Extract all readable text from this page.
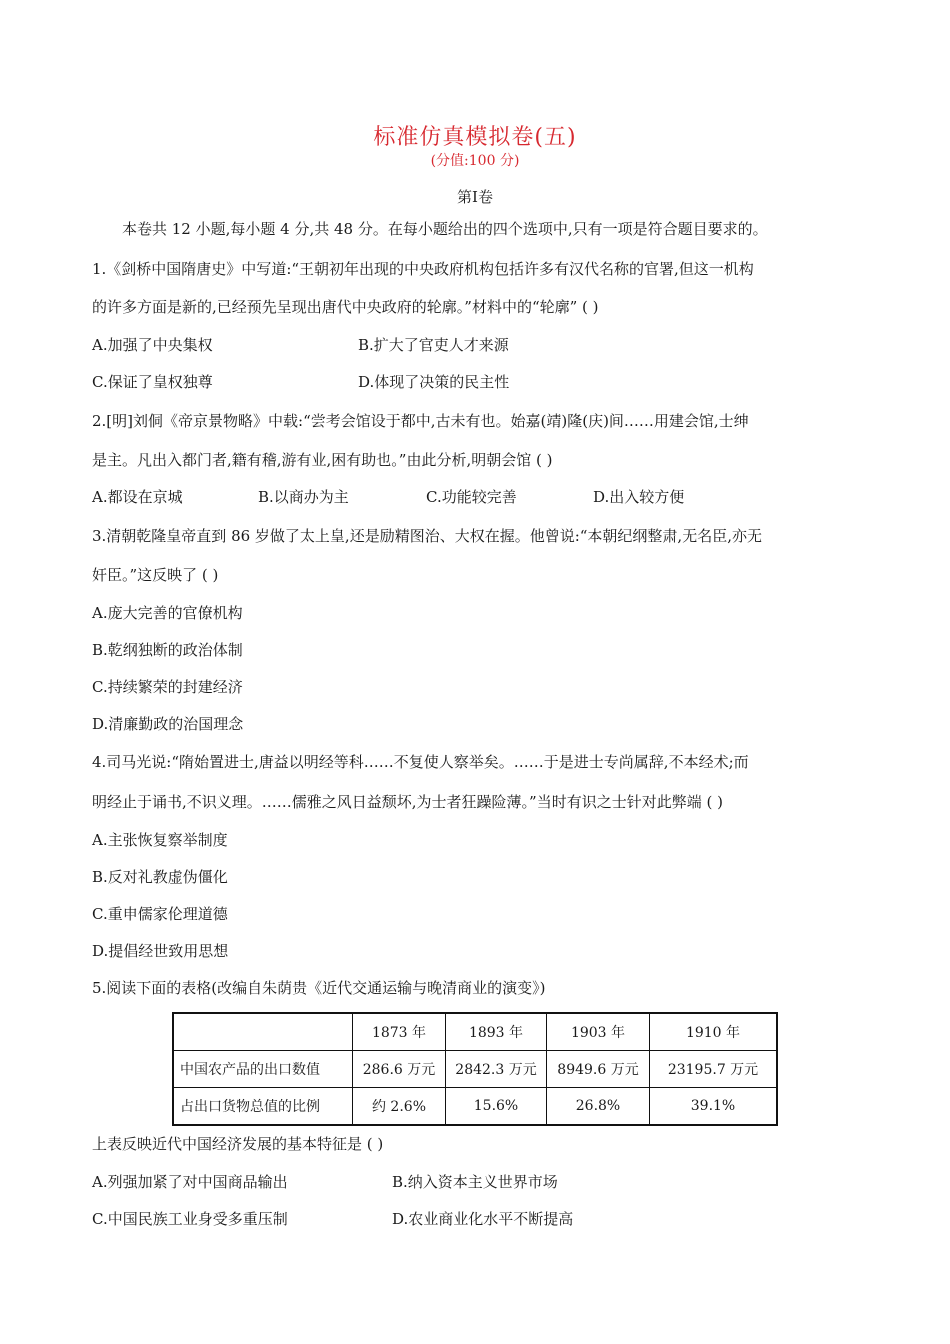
标准仿真模拟卷(五)
(分值:100 分)
第Ⅰ卷
本卷共 12 小题,每小题 4 分,共 48 分。在每小题给出的四个选项中,只有一项是符合题目要求的。
1.《剑桥中国隋唐史》中写道:“王朝初年出现的中央政府机构包括许多有汉代名称的官署,但这一机构
的许多方面是新的,已经预先呈现出唐代中央政府的轮廓。”材料中的“轮廓” ( )
A.加强了中央集权	B.扩大了官吏人才来源
C.保证了皇权独尊	D.体现了决策的民主性
2.[明]刘侗《帝京景物略》中载:“尝考会馆设于都中,古未有也。始嘉(靖)隆(庆)间……用建会馆,士绅
是主。凡出入都门者,籍有稽,游有业,困有助也。”由此分析,明朝会馆 ( )
A.都设在京城	B.以商办为主	C.功能较完善	D.出入较方便
3.清朝乾隆皇帝直到 86 岁做了太上皇,还是励精图治、大权在握。他曾说:“本朝纪纲整肃,无名臣,亦无
奸臣。”这反映了 ( )
A.庞大完善的官僚机构
B.乾纲独断的政治体制
C.持续繁荣的封建经济
D.清廉勤政的治国理念
4.司马光说:“隋始置进士,唐益以明经等科……不复使人察举矣。……于是进士专尚属辞,不本经术;而
明经止于诵书,不识义理。……儒雅之风日益颓坏,为士者狂躁险薄。”当时有识之士针对此弊端 ( )
A.主张恢复察举制度
B.反对礼教虚伪僵化
C.重申儒家伦理道德
D.提倡经世致用思想
5.阅读下面的表格(改编自朱荫贵《近代交通运输与晚清商业的演变》)
	1873 年	1893 年	1903 年	1910 年
中国农产品的出口数值	286.6 万元	2842.3 万元	8949.6 万元	23195.7 万元
占出口货物总值的比例	约 2.6%	15.6%	26.8%	39.1%
上表反映近代中国经济发展的基本特征是 ( )
A.列强加紧了对中国商品输出	B.纳入资本主义世界市场
C.中国民族工业身受多重压制	D.农业商业化水平不断提高
